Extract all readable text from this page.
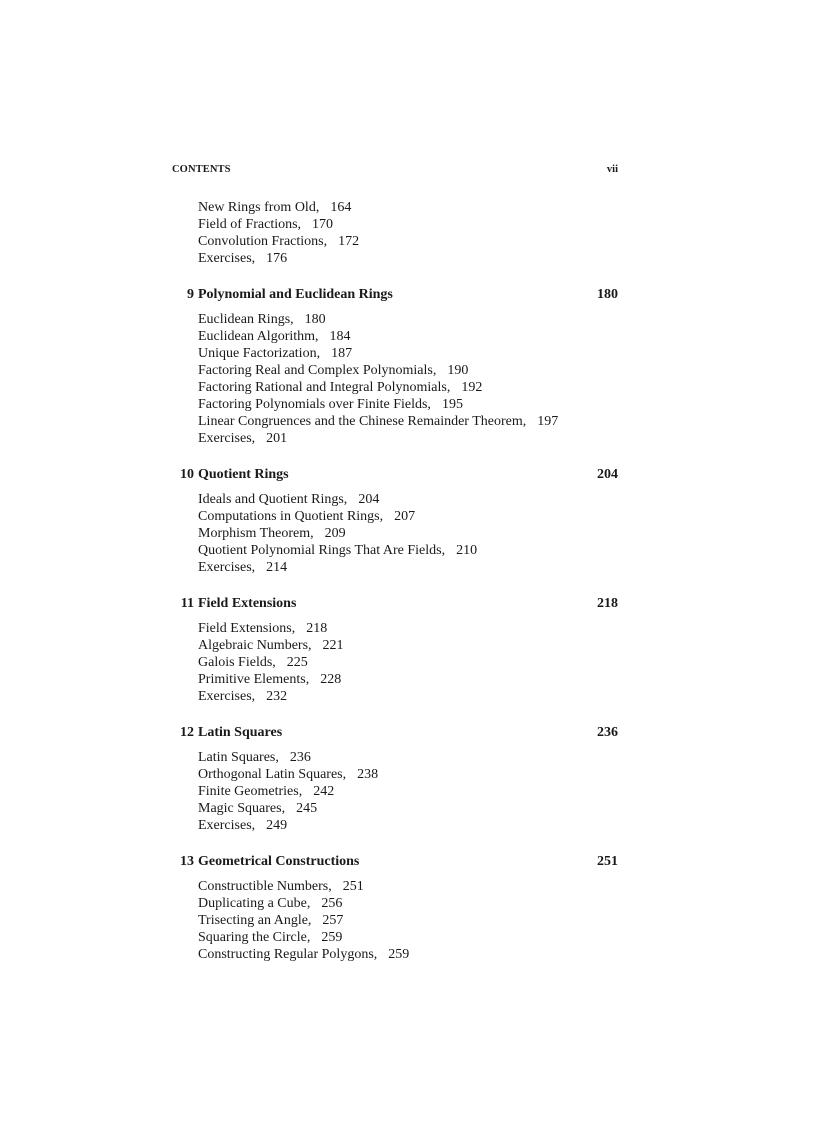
CONTENTS	vii
New Rings from Old, 164
Field of Fractions, 170
Convolution Fractions, 172
Exercises, 176
9 Polynomial and Euclidean Rings	180
Euclidean Rings, 180
Euclidean Algorithm, 184
Unique Factorization, 187
Factoring Real and Complex Polynomials, 190
Factoring Rational and Integral Polynomials, 192
Factoring Polynomials over Finite Fields, 195
Linear Congruences and the Chinese Remainder Theorem, 197
Exercises, 201
10 Quotient Rings	204
Ideals and Quotient Rings, 204
Computations in Quotient Rings, 207
Morphism Theorem, 209
Quotient Polynomial Rings That Are Fields, 210
Exercises, 214
11 Field Extensions	218
Field Extensions, 218
Algebraic Numbers, 221
Galois Fields, 225
Primitive Elements, 228
Exercises, 232
12 Latin Squares	236
Latin Squares, 236
Orthogonal Latin Squares, 238
Finite Geometries, 242
Magic Squares, 245
Exercises, 249
13 Geometrical Constructions	251
Constructible Numbers, 251
Duplicating a Cube, 256
Trisecting an Angle, 257
Squaring the Circle, 259
Constructing Regular Polygons, 259
